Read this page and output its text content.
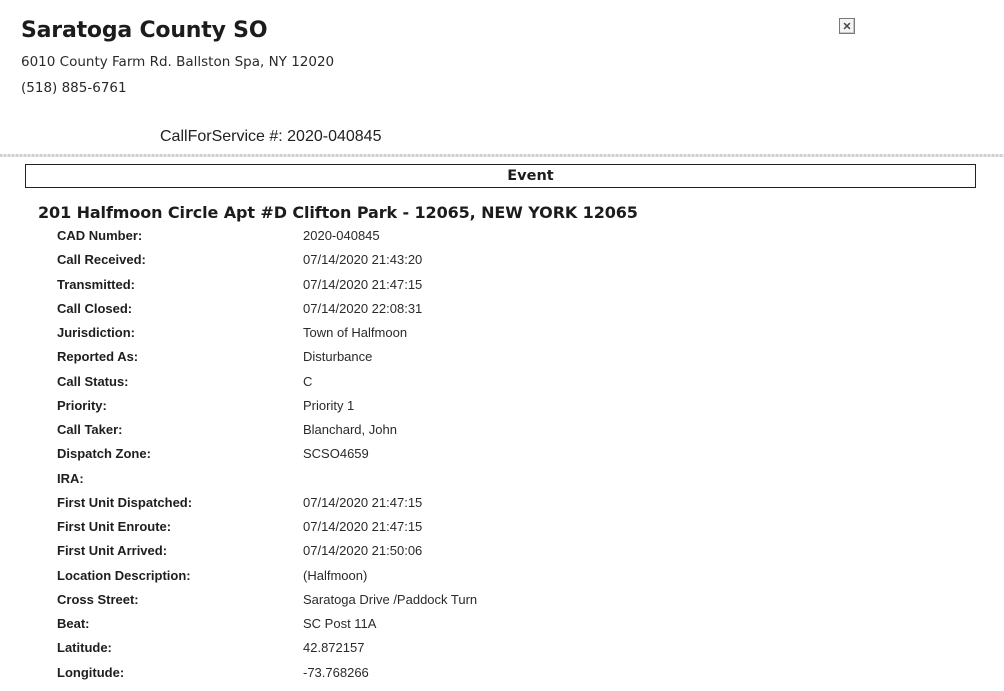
Saratoga County SO
6010 County Farm Rd. Ballston Spa, NY 12020
(518) 885-6761
CallForService #: 2020-040845
Event
201 Halfmoon Circle Apt #D Clifton Park - 12065, NEW YORK 12065
CAD Number:	2020-040845
Call Received:	07/14/2020 21:43:20
Transmitted:	07/14/2020 21:47:15
Call Closed:	07/14/2020 22:08:31
Jurisdiction:	Town of Halfmoon
Reported As:	Disturbance
Call Status:	C
Priority:	Priority 1
Call Taker:	Blanchard, John
Dispatch Zone:	SCSO4659
IRA:
First Unit Dispatched:	07/14/2020 21:47:15
First Unit Enroute:	07/14/2020 21:47:15
First Unit Arrived:	07/14/2020 21:50:06
Location Description:	(Halfmoon)
Cross Street:	Saratoga Drive /Paddock Turn
Beat:	SC Post 11A
Latitude:	42.872157
Longitude:	-73.768266
